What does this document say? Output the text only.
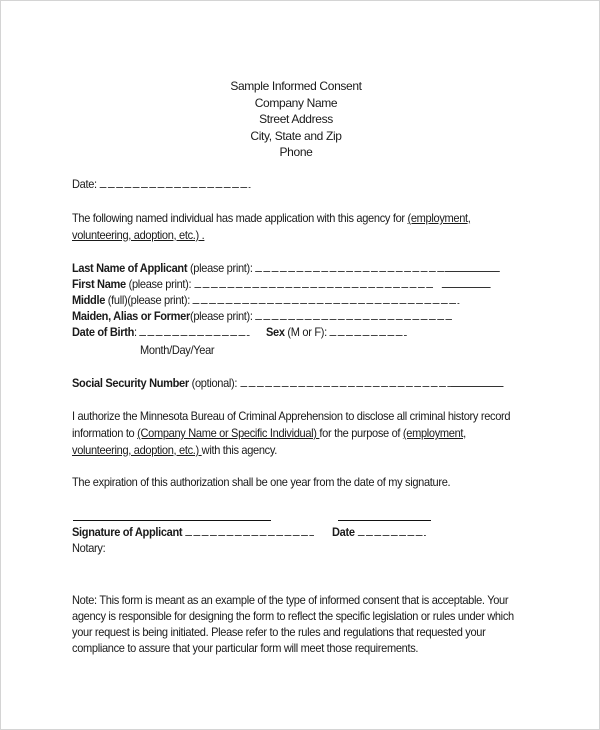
Sample Informed Consent
Company Name
Street Address
City, State and Zip
Phone
Date:
The following named individual has made application with this agency for (employment,
volunteering, adoption, etc.) .
Last Name of Applicant (please print):
First Name (please print):
Middle (full)(please print):
Maiden, Alias or Former(please print):
Date of Birth:	Sex (M or F):
Month/Day/Year
Social Security Number (optional):
I authorize the Minnesota Bureau of Criminal Apprehension to disclose all criminal history record
information to (Company Name or Specific Individual) for the purpose of (employment,
volunteering, adoption, etc.) with this agency.
The expiration of this authorization shall be one year from the date of my signature.
Signature of Applicant	Date
Notary:
Note: This form is meant as an example of the type of informed consent that is acceptable. Your
agency is responsible for designing the form to reflect the specific legislation or rules under which
your request is being initiated. Please refer to the rules and regulations that requested your
compliance to assure that your particular form will meet those requirements.
